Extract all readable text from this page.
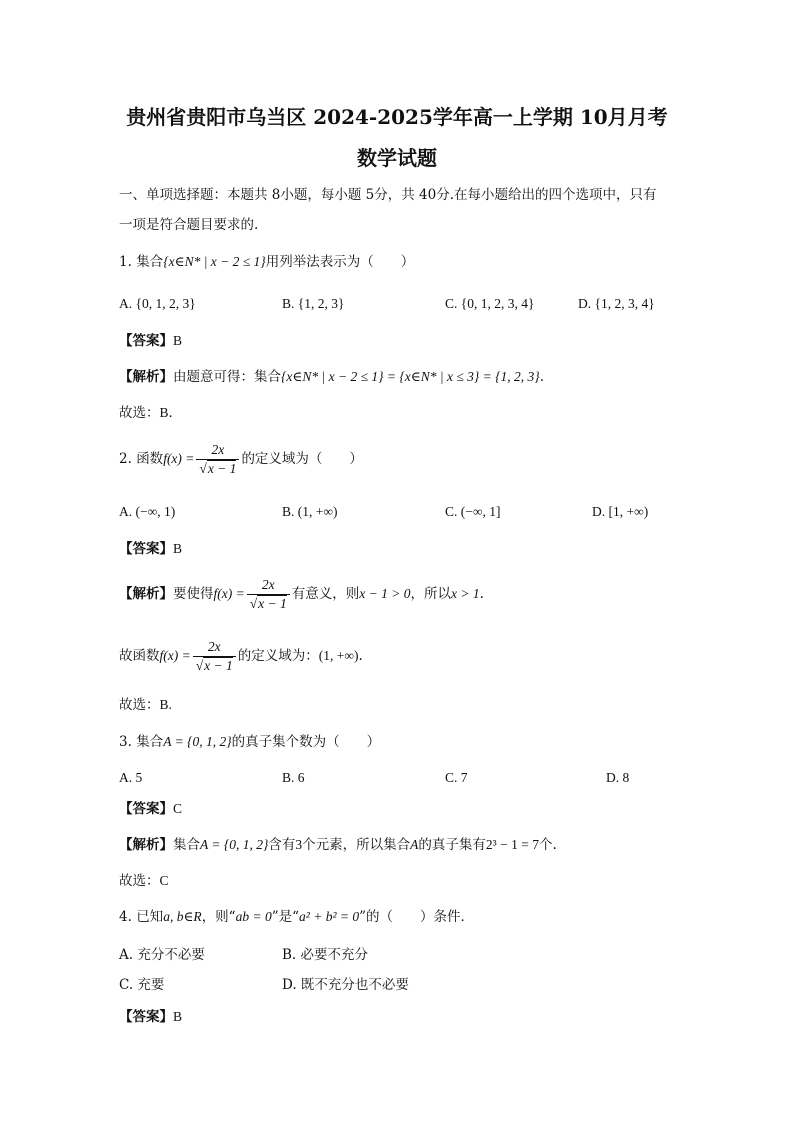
贵州省贵阳市乌当区 2024-2025学年高一上学期 10月月考
数学试题
一、单项选择题：本题共 8小题，每小题 5分，共 40分.在每小题给出的四个选项中，只有
一项是符合题目要求的.
1. 集合{x∈N* | x − 2 ≤ 1}用列举法表示为（　　）
A. {0, 1, 2, 3}	B. {1, 2, 3}	C. {0, 1, 2, 3, 4}	D. {1, 2, 3, 4}
【答案】B
【解析】由题意可得：集合{x∈N* | x − 2 ≤ 1} = {x∈N* | x ≤ 3} = {1, 2, 3}.
故选：B．
2. 函数$f(x) = \frac{2x}{√x - 1}$ 的定义域为（　　）
A. (−∞, 1)	B. (1, +∞)	C. (−∞, 1]	D. [1, +∞)
【答案】B
【解析】要使得$f(x) = \frac{2x}{√x - 1}$ 有意义，则x − 1 > 0，所以x > 1.
故函数$f(x) = \frac{2x}{√x - 1}$ 的定义域为：(1, +∞).
故选：B.
3. 集合A = {0, 1, 2}的真子集个数为（　　）
A. 5	B. 6	C. 7	D. 8
【答案】C
【解析】集合A = {0, 1, 2}含有3个元素，所以集合A的真子集有2³ − 1 = 7个.
故选：C
4. 已知a, b∈R，则“ab = 0”是“a² + b² = 0”的（　　）条件．
A. 充分不必要	B. 必要不充分
C. 充要	D. 既不充分也不必要
【答案】B
